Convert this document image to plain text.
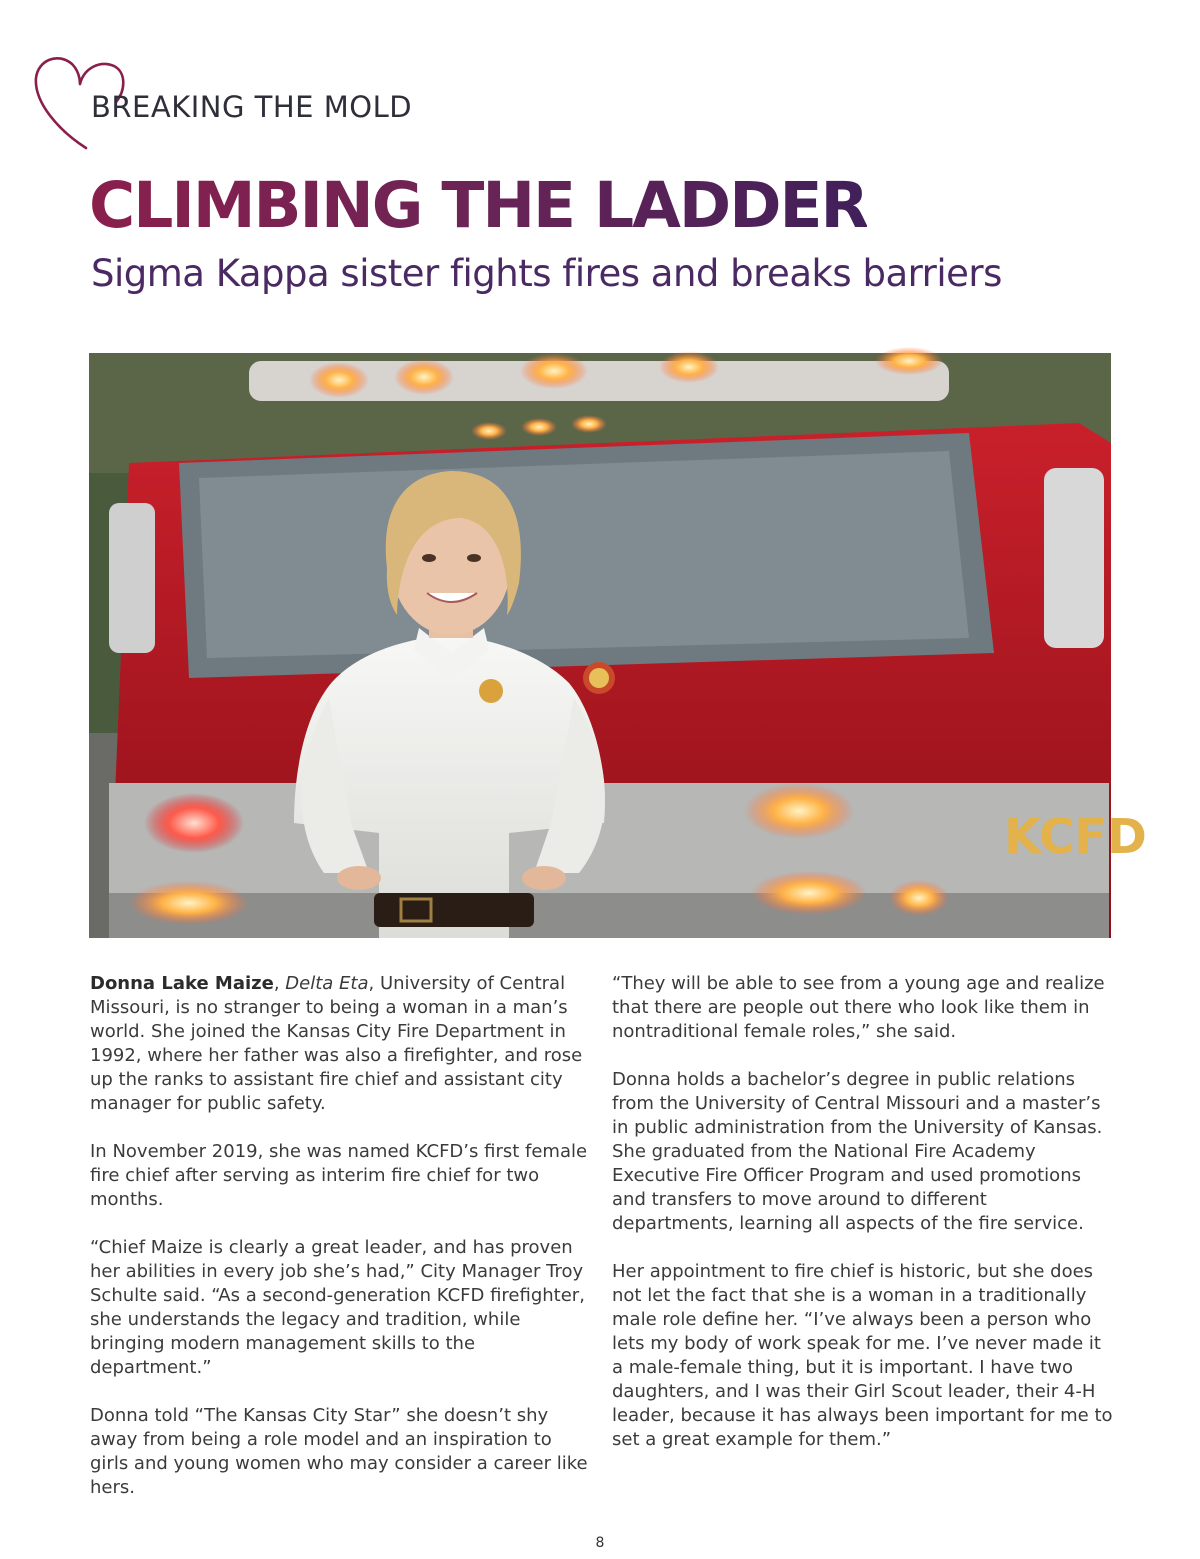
BREAKING THE MOLD
CLIMBING THE LADDER
Sigma Kappa sister fights fires and breaks barriers
KCFD

Donna Lake Maize, Delta Eta, University of Central Missouri, is no stranger to being a woman in a man’s world. She joined the Kansas City Fire Department in 1992, where her father was also a firefighter, and rose up the ranks to assistant fire chief and assistant city manager for public safety.

In November 2019, she was named KCFD’s first female fire chief after serving as interim fire chief for two months.

“Chief Maize is clearly a great leader, and has proven her abilities in every job she’s had,” City Manager Troy Schulte said. “As a second-generation KCFD firefighter, she understands the legacy and tradition, while bringing modern management skills to the department.”

Donna told “The Kansas City Star” she doesn’t shy away from being a role model and an inspiration to girls and young women who may consider a career like hers.

“They will be able to see from a young age and realize that there are people out there who look like them in nontraditional female roles,” she said.

Donna holds a bachelor’s degree in public relations from the University of Central Missouri and a master’s in public administration from the University of Kansas. She graduated from the National Fire Academy Executive Fire Officer Program and used promotions and transfers to move around to different departments, learning all aspects of the fire service.

Her appointment to fire chief is historic, but she does not let the fact that she is a woman in a traditionally male role define her. “I’ve always been a person who lets my body of work speak for me. I’ve never made it a male-female thing, but it is important. I have two daughters, and I was their Girl Scout leader, their 4-H leader, because it has always been important for me to set a great example for them.”

8
